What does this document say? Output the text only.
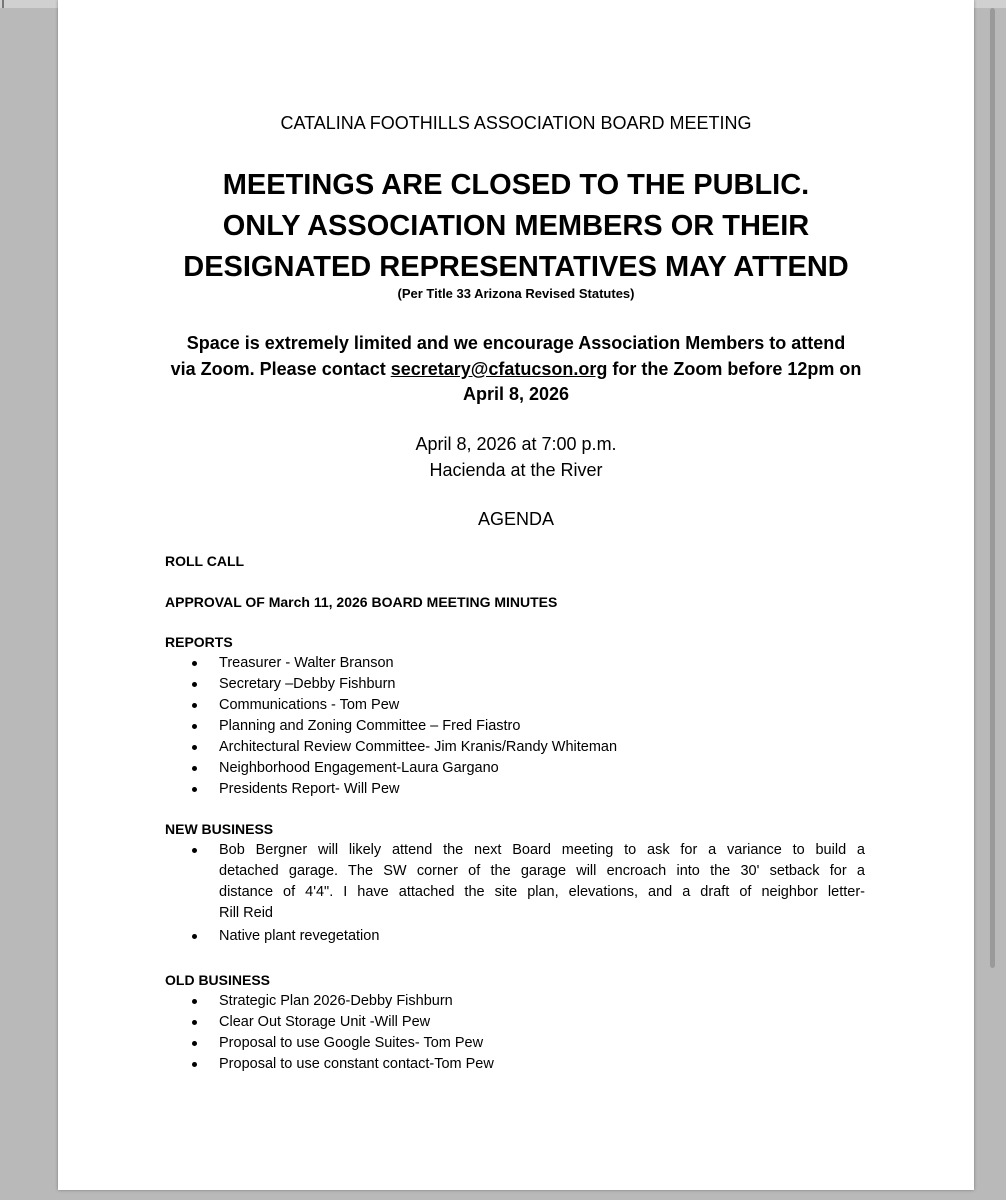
CATALINA FOOTHILLS ASSOCIATION BOARD MEETING
MEETINGS ARE CLOSED TO THE PUBLIC.
ONLY ASSOCIATION MEMBERS OR THEIR
DESIGNATED REPRESENTATIVES MAY ATTEND
(Per Title 33 Arizona Revised Statutes)
Space is extremely limited and we encourage Association Members to attend
via Zoom. Please contact secretary@cfatucson.org for the Zoom before 12pm on
April 8, 2026
April 8, 2026 at 7:00 p.m.
Hacienda at the River
AGENDA
ROLL CALL
APPROVAL OF March 11, 2026 BOARD MEETING MINUTES
REPORTS
Treasurer - Walter Branson
Secretary –Debby Fishburn
Communications - Tom Pew
Planning and Zoning Committee – Fred Fiastro
Architectural Review Committee- Jim Kranis/Randy Whiteman
Neighborhood Engagement-Laura Gargano
Presidents Report- Will Pew
NEW BUSINESS
Bob Bergner will likely attend the next Board meeting to ask for a variance to build a
detached garage. The SW corner of the garage will encroach into the 30' setback for a
distance of 4'4". I have attached the site plan, elevations, and a draft of neighbor letter-
Rill Reid
Native plant revegetation
OLD BUSINESS
Strategic Plan 2026-Debby Fishburn
Clear Out Storage Unit -Will Pew
Proposal to use Google Suites- Tom Pew
Proposal to use constant contact-Tom Pew
